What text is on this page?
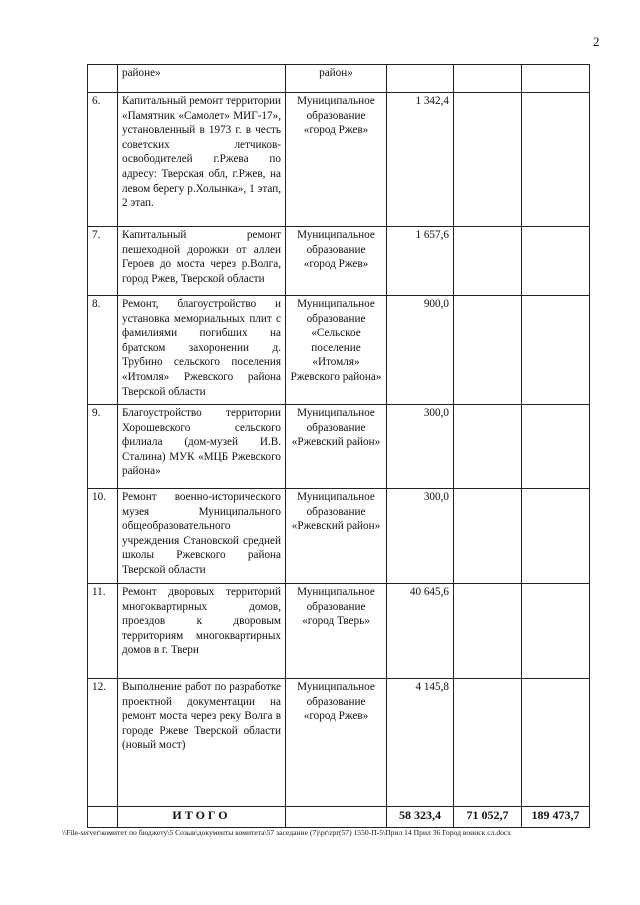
2
	районе»	район»			
6.	Капитальный ремонт территории «Памятник «Самолет» МИГ-17», установленный в 1973 г. в честь советских летчиков-освободителей г.Ржева по адресу: Тверская обл, г.Ржев, на левом берегу р.Холынка», 1 этап, 2 этап.	Муниципальное образование «город Ржев»	1 342,4		
7.	Капитальный ремонт пешеходной дорожки от аллеи Героев до моста через р.Волга, город Ржев, Тверской области	Муниципальное образование «город Ржев»	1 657,6		
8.	Ремонт, благоустройство и установка мемориальных плит с фамилиями погибших на братском захоронении д. Трубино сельского поселения «Итомля» Ржевского района Тверской области	Муниципальное образование «Сельское поселение «Итомля» Ржевского района»	900,0		
9.	Благоустройство территории Хорошевского сельского филиала (дом-музей И.В. Сталина) МУК «МЦБ Ржевского района»	Муниципальное образование «Ржевский район»	300,0		
10.	Ремонт военно-исторического музея Муниципального общеобразовательного учреждения Становской средней школы Ржевского района Тверской области	Муниципальное образование «Ржевский район»	300,0		
11.	Ремонт дворовых территорий многоквартирных домов, проездов к дворовым территориям многоквартирных домов в г. Твери	Муниципальное образование «город Тверь»	40 645,6		
12.	Выполнение работ по разработке проектной документации на ремонт моста через реку Волга в городе Ржеве Тверской области (новый мост)	Муниципальное образование «город Ржев»	4 145,8		
	ИТОГО		58 323,4	71 052,7	189 473,7
\\File-server\комитет по бюджету\5 Созыв\документы комитета\57 заседание (7)\pr\zpr(57) 1550-П-5\Прил 14 Прил 36 Город воинск сл.docx
